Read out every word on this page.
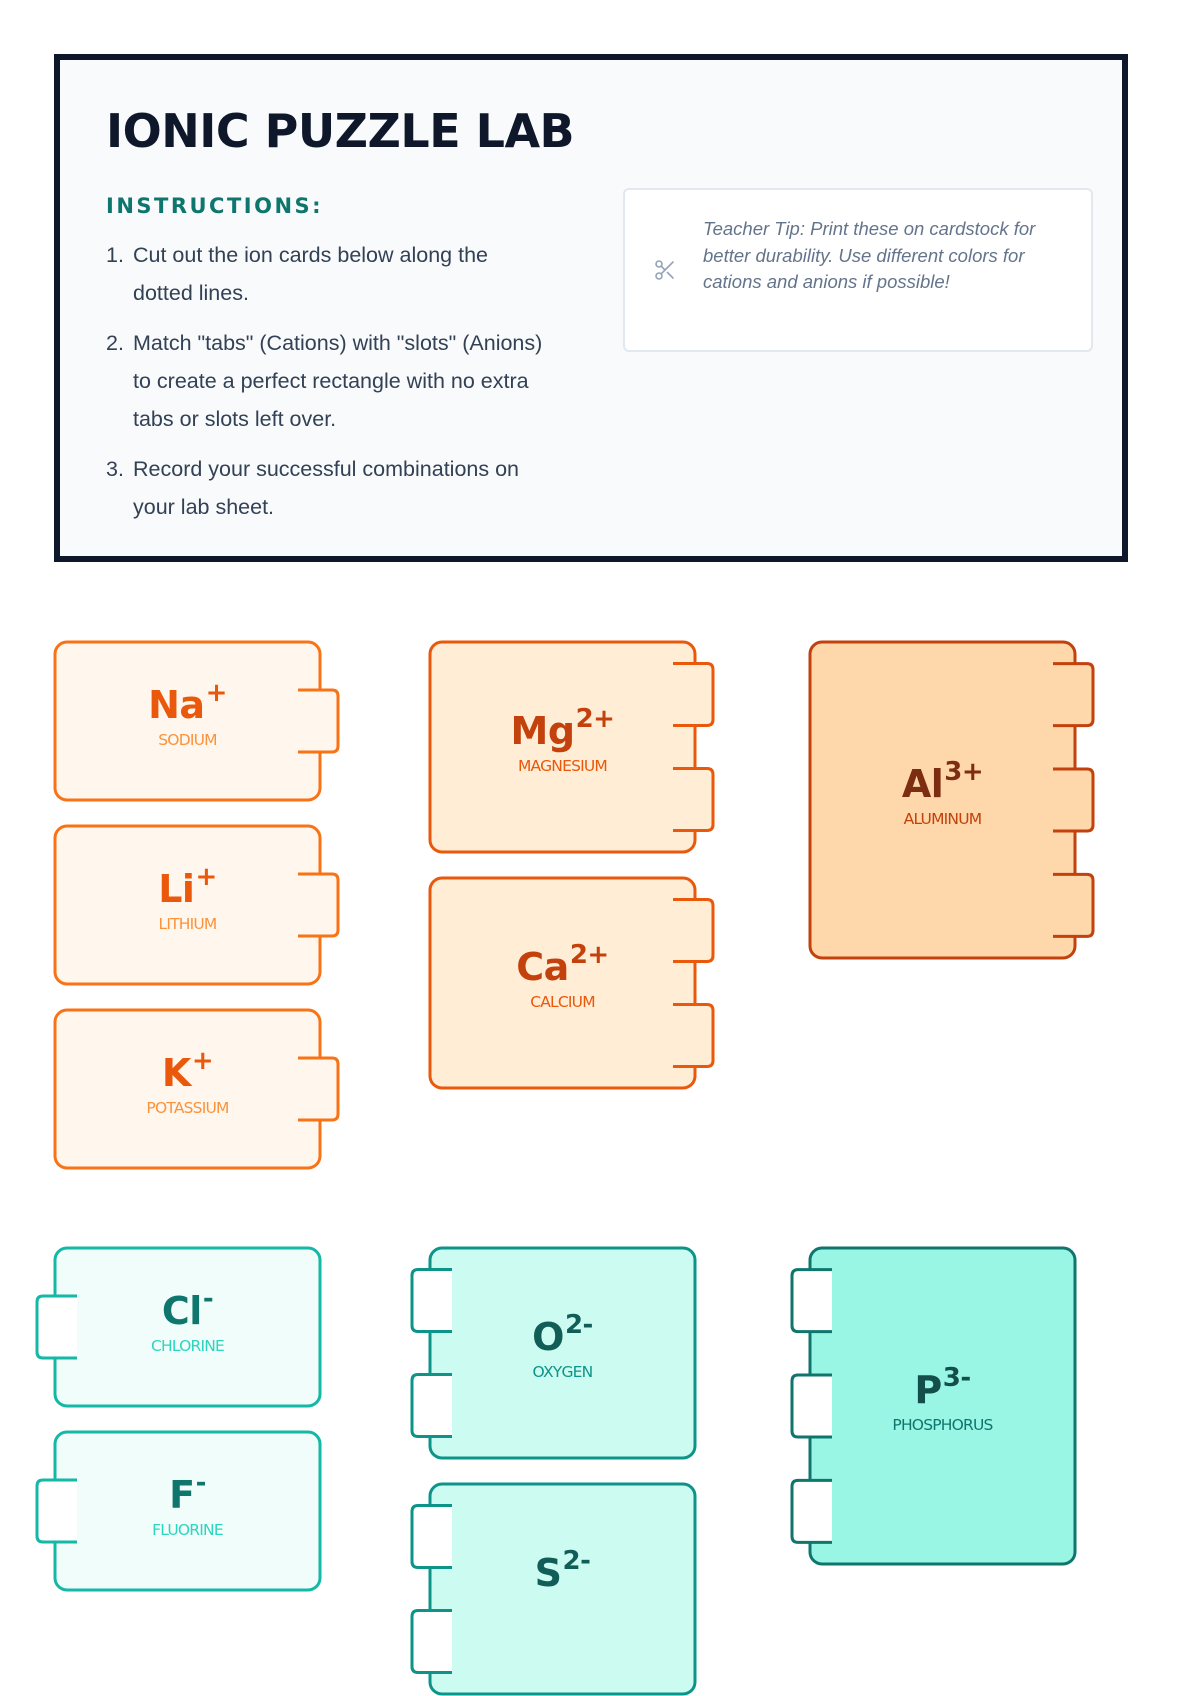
IONIC PUZZLE LAB
INSTRUCTIONS:
1. Cut out the ion cards below along the dotted lines.
2. Match "tabs" (Cations) with "slots" (Anions) to create a perfect rectangle with no extra tabs or slots left over.
3. Record your successful combinations on your lab sheet.
Teacher Tip: Print these on cardstock for better durability. Use different colors for cations and anions if possible!
Na+
SODIUM
Li+
LITHIUM
K+
POTASSIUM
$Mg^{2+}$
MAGNESIUM
$Ca^{2+}$
CALCIUM
$Al^{3+}$
ALUMINUM
Cl-
CHLORINE
F-
FLUORINE
$O^{2-}$
OXYGEN
$S^{2-}$
$P^{3-}$
PHOSPHORUS
